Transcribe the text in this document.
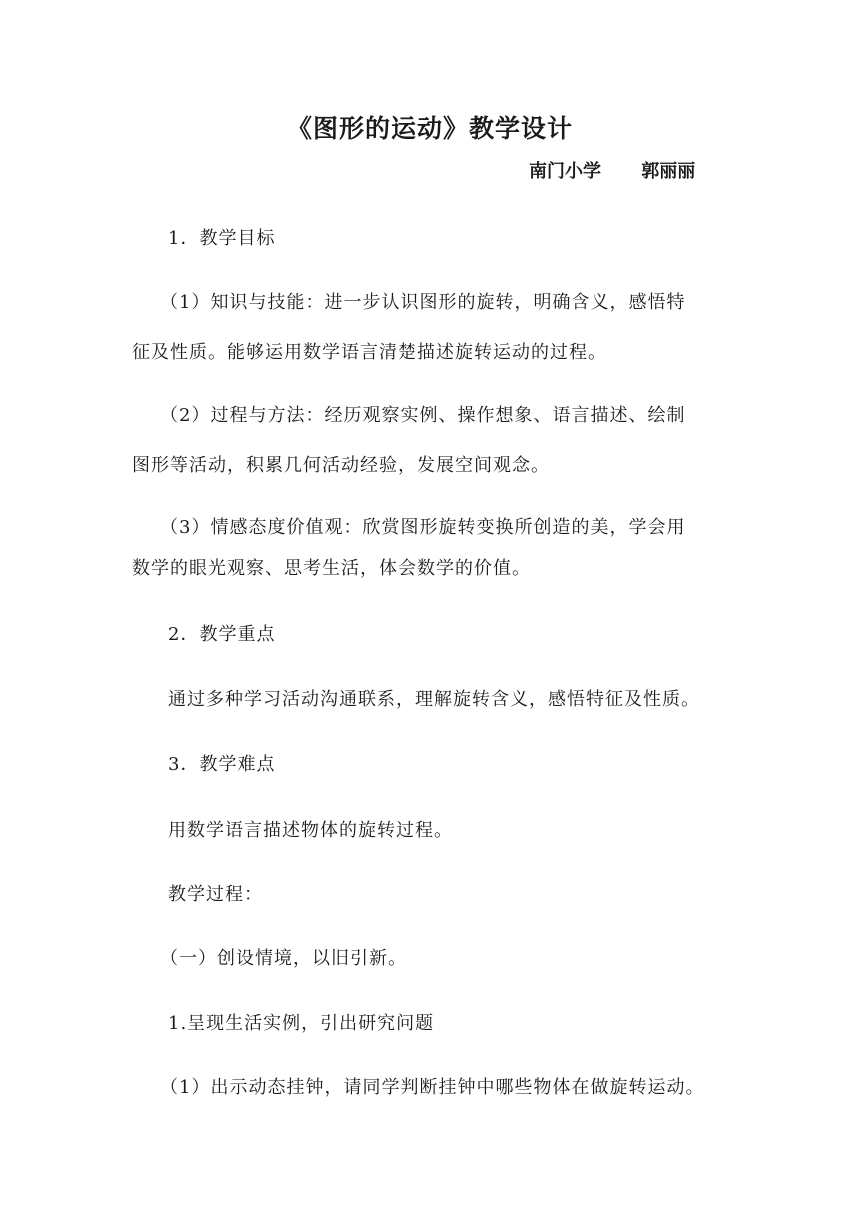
《图形的运动》教学设计
南门小学 郭丽丽
1．教学目标
（1）知识与技能：进一步认识图形的旋转，明确含义，感悟特
征及性质。能够运用数学语言清楚描述旋转运动的过程。
（2）过程与方法：经历观察实例、操作想象、语言描述、绘制
图形等活动，积累几何活动经验，发展空间观念。
（3）情感态度价值观：欣赏图形旋转变换所创造的美，学会用
数学的眼光观察、思考生活，体会数学的价值。
2．教学重点
通过多种学习活动沟通联系，理解旋转含义，感悟特征及性质。
3．教学难点
用数学语言描述物体的旋转过程。
教学过程：
（一）创设情境，以旧引新。
1.呈现生活实例，引出研究问题
（1）出示动态挂钟，请同学判断挂钟中哪些物体在做旋转运动。
